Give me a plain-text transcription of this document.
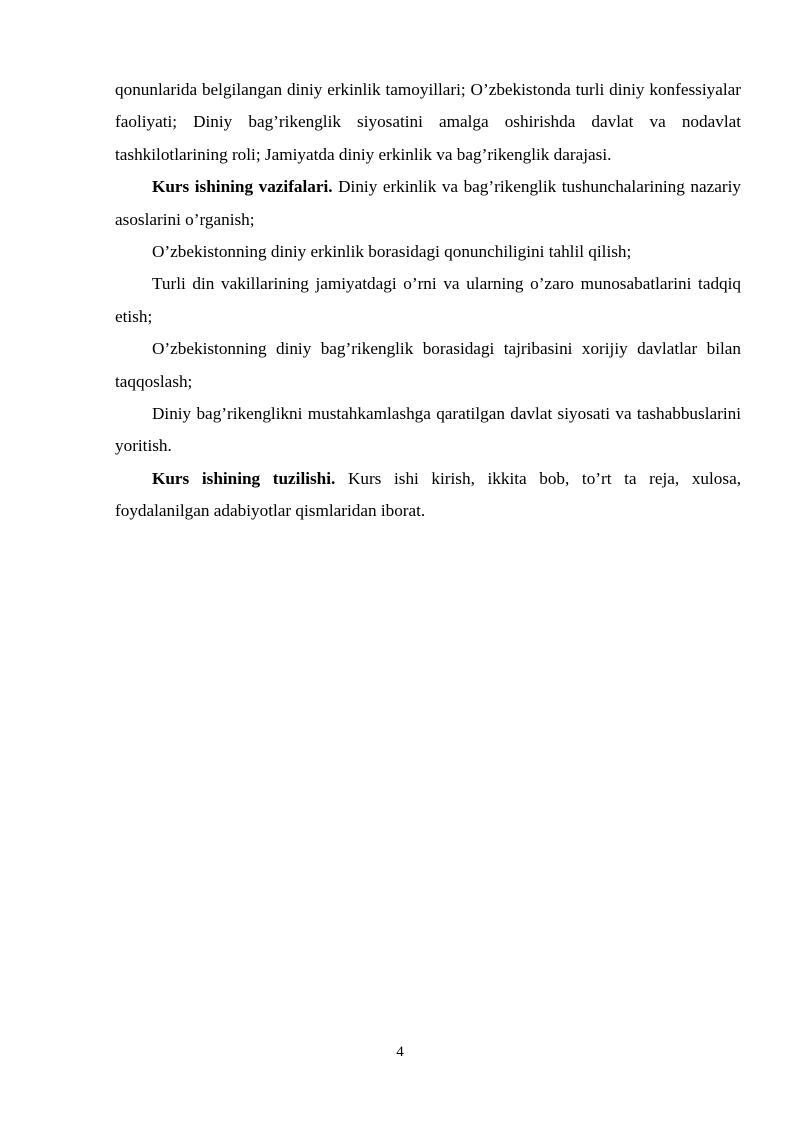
qonunlarida belgilangan diniy erkinlik tamoyillari; O’zbekistonda turli diniy konfessiyalar faoliyati; Diniy bag’rikenglik siyosatini amalga oshirishda davlat va nodavlat tashkilotlarining roli; Jamiyatda diniy erkinlik va bag’rikenglik darajasi.

Kurs ishining vazifalari. Diniy erkinlik va bag’rikenglik tushunchalarining nazariy asoslarini o’rganish;

O’zbekistonning diniy erkinlik borasidagi qonunchiligini tahlil qilish;

Turli din vakillarining jamiyatdagi o’rni va ularning o’zaro munosabatlarini tadqiq etish;

O’zbekistonning diniy bag’rikenglik borasidagi tajribasini xorijiy davlatlar bilan taqqoslash;

Diniy bag’rikenglikni mustahkamlashga qaratilgan davlat siyosati va tashabbuslarini yoritish.

Kurs ishining tuzilishi. Kurs ishi kirish, ikkita bob, to’rt ta reja, xulosa, foydalanilgan adabiyotlar qismlaridan iborat.

4
